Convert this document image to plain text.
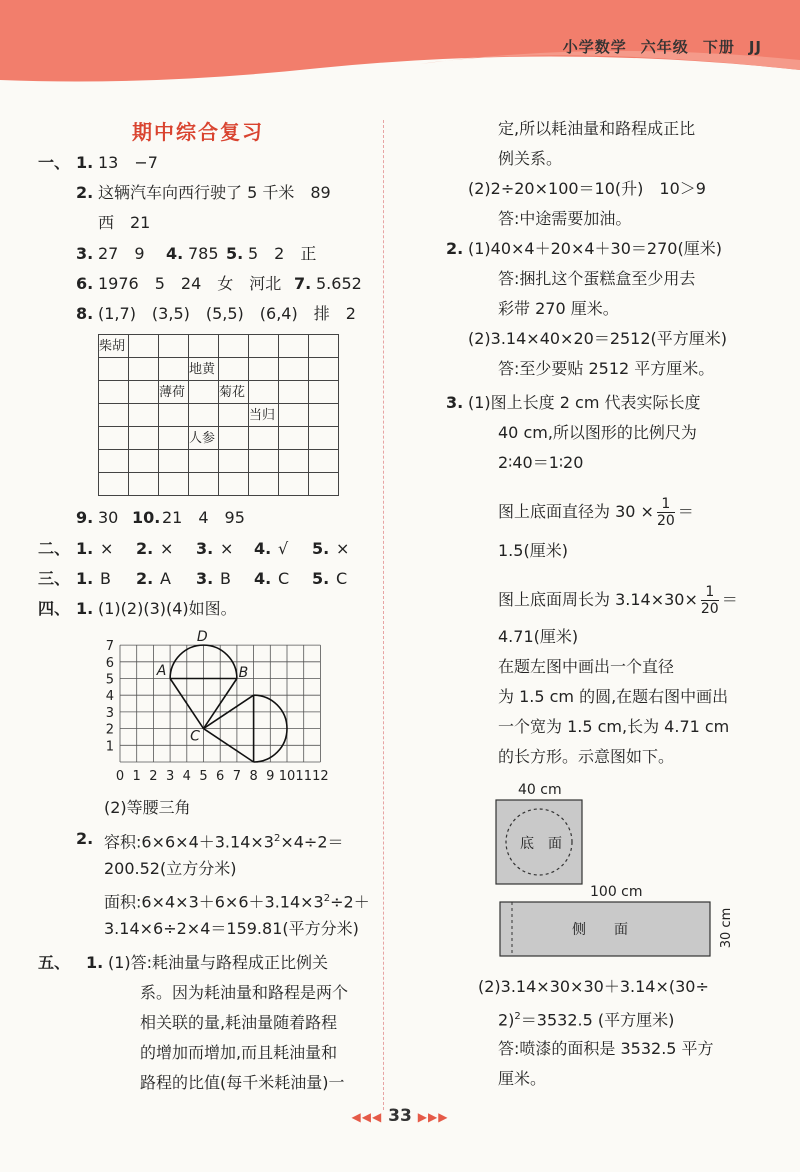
小学数学 六年级 下册 JJ
期中综合复习
一、 1. 13　−7
2. 这辆汽车向西行驶了 5 千米　89
西　21
3. 27　9 4. 785 5. 5　2　正
6. 1976　5　24　女　河北 7. 5.652
8. (1,7)　(3,5)　(5,5)　(6,4)　排　2
柴胡							
			地黄				
		薄荷		菊花			
					当归		
			人参				

9. 30 10. 21　4　95
二、 1. × 2. × 3. × 4. √ 5. ×
三、 1. B 2. A 3. B 4. C 5. C
四、 1. (1)(2)(3)(4)如图。
0 1 2 3 4 5 6 7 8 9 10 11 12
1
2
3
4
5
6
7
A	B
C
D
(2)等腰三角
2. 容积$:6\times 6\times 4+3.14\times 3^2\times 4\div 2=$
200.52(立方分米)
面积$:6\times 4\times 3+6\times 6+3.14\times 3^2\div 2+$
3.14×6÷2×4＝159.81(平方分米)
五、 1. (1)答:耗油量与路程成正比例关
系。因为耗油量和路程是两个
相关联的量,耗油量随着路程
的增加而增加,而且耗油量和
路程的比值(每千米耗油量)一
定,所以耗油量和路程成正比
例关系。
(2)2÷20×100＝10(升)　10＞9
答:中途需要加油。
2. (1)40×4＋20×4＋30＝270(厘米)
答:捆扎这个蛋糕盒至少用去
彩带 270 厘米。
(2)3.14×40×20＝2512(平方厘米)
答:至少要贴 2512 平方厘米。
3. (1)图上长度 2 cm 代表实际长度
40 cm,所以图形的比例尺为
2∶40＝1∶20
图上底面直径为 $30 \times \frac{1}{20}$ ＝
1.5(厘米)
图上底面周长为 $3.14\times 30\times \frac{1}{20}$ ＝
4.71(厘米)
在题左图中画出一个直径
为 1.5 cm 的圆,在题右图中画出
一个宽为 1.5 cm,长为 4.71 cm
的长方形。示意图如下。
40 cm
底　面
100 cm
侧　　面	30 cm
(2)3.14×30×30＋3.14×(30÷
2)$^2$＝3532.5 (平方厘米)
答:喷漆的面积是 3532.5 平方
厘米。
◀◀◀ 33 ▶▶▶
